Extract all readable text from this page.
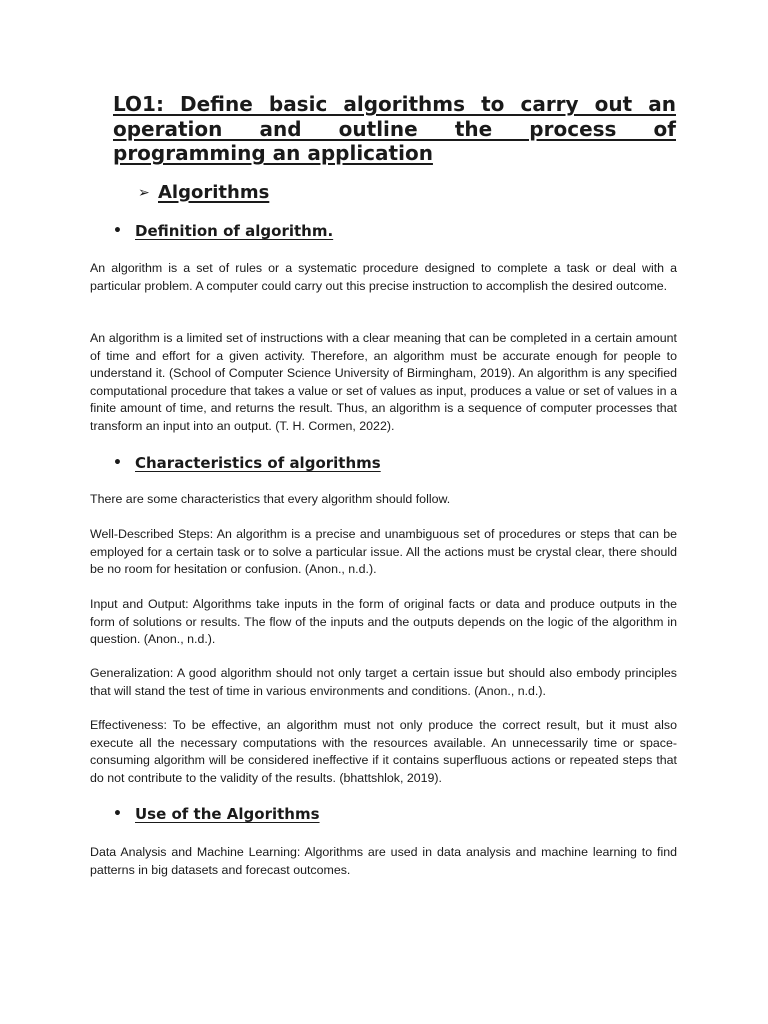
LO1: Define basic algorithms to carry out an operation and outline the process of programming an application
➢ Algorithms
• Definition of algorithm.

An algorithm is a set of rules or a systematic procedure designed to complete a task or deal with a particular problem. A computer could carry out this precise instruction to accomplish the desired outcome.

An algorithm is a limited set of instructions with a clear meaning that can be completed in a certain amount of time and effort for a given activity. Therefore, an algorithm must be accurate enough for people to understand it. (School of Computer Science University of Birmingham, 2019). An algorithm is any specified computational procedure that takes a value or set of values as input, produces a value or set of values in a finite amount of time, and returns the result. Thus, an algorithm is a sequence of computer processes that transform an input into an output. (T. H. Cormen, 2022).

• Characteristics of algorithms

There are some characteristics that every algorithm should follow.

Well-Described Steps: An algorithm is a precise and unambiguous set of procedures or steps that can be employed for a certain task or to solve a particular issue. All the actions must be crystal clear, there should be no room for hesitation or confusion. (Anon., n.d.).

Input and Output: Algorithms take inputs in the form of original facts or data and produce outputs in the form of solutions or results. The flow of the inputs and the outputs depends on the logic of the algorithm in question. (Anon., n.d.).

Generalization: A good algorithm should not only target a certain issue but should also embody principles that will stand the test of time in various environments and conditions. (Anon., n.d.).

Effectiveness: To be effective, an algorithm must not only produce the correct result, but it must also execute all the necessary computations with the resources available. An unnecessarily time or space-consuming algorithm will be considered ineffective if it contains superfluous actions or repeated steps that do not contribute to the validity of the results. (bhattshlok, 2019).

• Use of the Algorithms

Data Analysis and Machine Learning: Algorithms are used in data analysis and machine learning to find patterns in big datasets and forecast outcomes.
